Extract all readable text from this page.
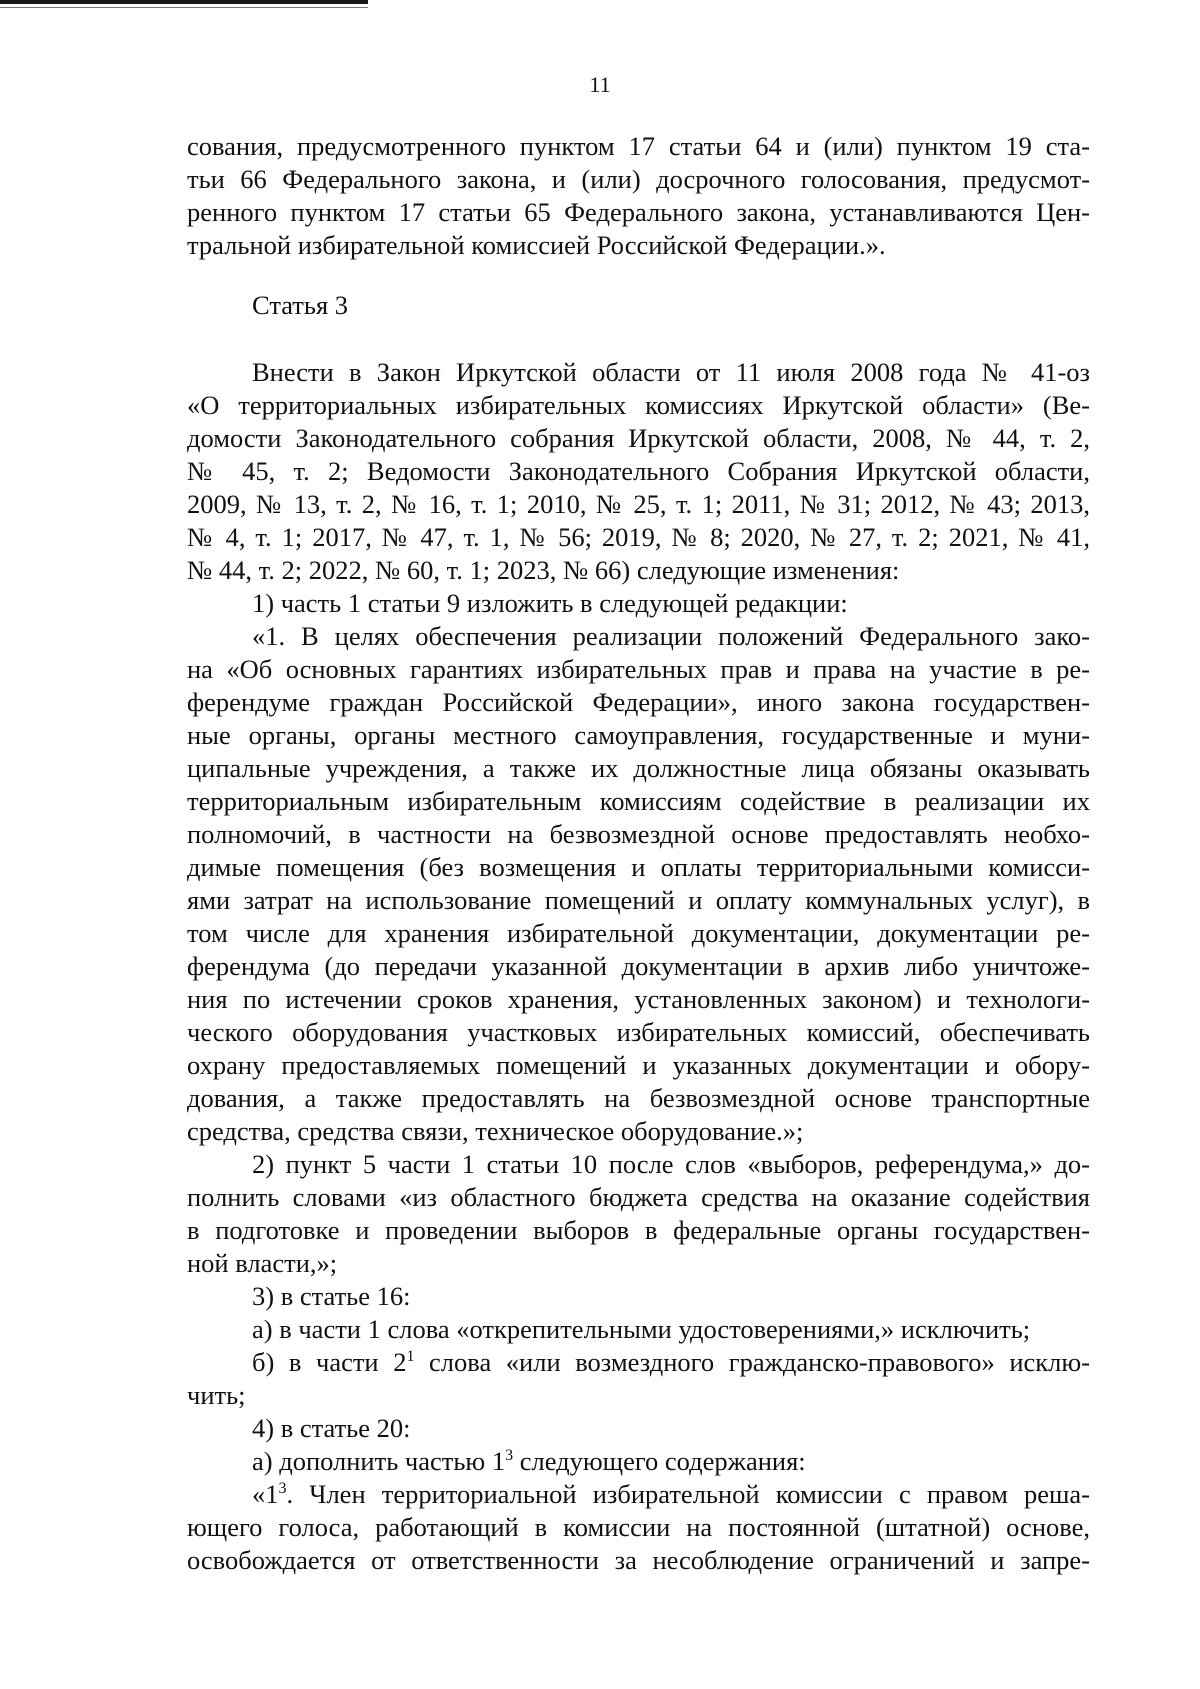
11
сования, предусмотренного пунктом 17 статьи 64 и (или) пунктом 19 ста-
тьи 66 Федерального закона, и (или) досрочного голосования, предусмот-
ренного пунктом 17 статьи 65 Федерального закона, устанавливаются Цен-
тральной избирательной комиссией Российской Федерации.».
Статья 3
Внести в Закон Иркутской области от 11 июля 2008 года № 41-оз
«О территориальных избирательных комиссиях Иркутской области» (Ве-
домости Законодательного собрания Иркутской области, 2008, № 44, т. 2,
№ 45, т. 2; Ведомости Законодательного Собрания Иркутской области,
2009, № 13, т. 2, № 16, т. 1; 2010, № 25, т. 1; 2011, № 31; 2012, № 43; 2013,
№ 4, т. 1; 2017, № 47, т. 1, № 56; 2019, № 8; 2020, № 27, т. 2; 2021, № 41,
№ 44, т. 2; 2022, № 60, т. 1; 2023, № 66) следующие изменения:
1) часть 1 статьи 9 изложить в следующей редакции:
«1. В целях обеспечения реализации положений Федерального зако-
на «Об основных гарантиях избирательных прав и права на участие в ре-
ферендуме граждан Российской Федерации», иного закона государствен-
ные органы, органы местного самоуправления, государственные и муни-
ципальные учреждения, а также их должностные лица обязаны оказывать
территориальным избирательным комиссиям содействие в реализации их
полномочий, в частности на безвозмездной основе предоставлять необхо-
димые помещения (без возмещения и оплаты территориальными комисси-
ями затрат на использование помещений и оплату коммунальных услуг), в
том числе для хранения избирательной документации, документации ре-
ферендума (до передачи указанной документации в архив либо уничтоже-
ния по истечении сроков хранения, установленных законом) и технологи-
ческого оборудования участковых избирательных комиссий, обеспечивать
охрану предоставляемых помещений и указанных документации и обору-
дования, а также предоставлять на безвозмездной основе транспортные
средства, средства связи, техническое оборудование.»;
2) пункт 5 части 1 статьи 10 после слов «выборов, референдума,» до-
полнить словами «из областного бюджета средства на оказание содействия
в подготовке и проведении выборов в федеральные органы государствен-
ной власти,»;
3) в статье 16:
а) в части 1 слова «открепительными удостоверениями,» исключить;
б) в части $2^1$ слова «или возмездного гражданско-правового» исклю-
чить;
4) в статье 20:
а) дополнить частью $1^3$ следующего содержания:
«$1^3$. Член территориальной избирательной комиссии с правом реша-
ющего голоса, работающий в комиссии на постоянной (штатной) основе,
освобождается от ответственности за несоблюдение ограничений и запре-
